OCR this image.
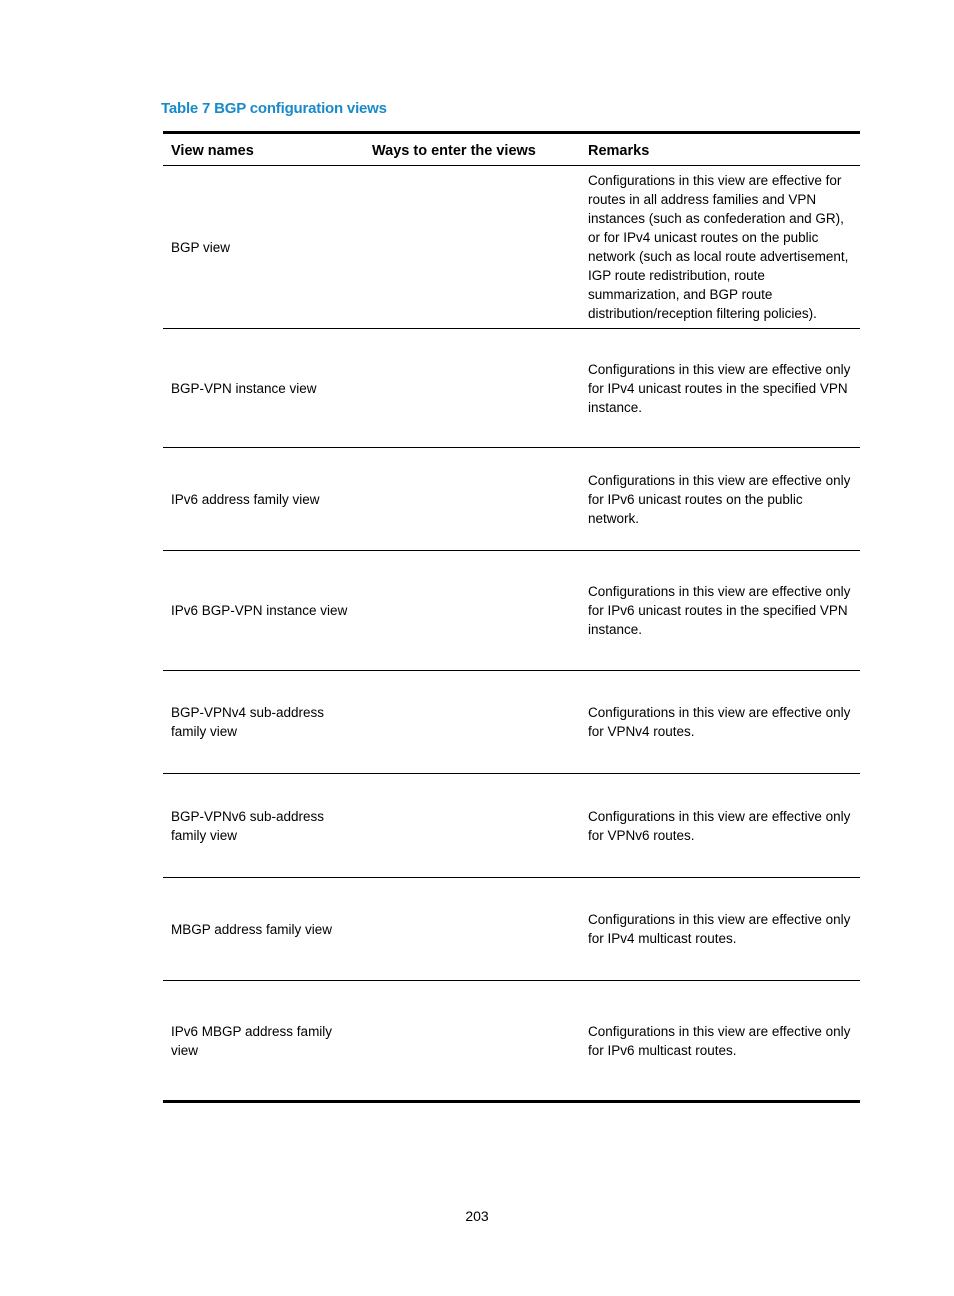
Table 7 BGP configuration views
View names	Ways to enter the views	Remarks
BGP view		Configurations in this view are effective for routes in all address families and VPN instances (such as confederation and GR), or for IPv4 unicast routes on the public network (such as local route advertisement, IGP route redistribution, route summarization, and BGP route distribution/reception filtering policies).
BGP-VPN instance view		Configurations in this view are effective only for IPv4 unicast routes in the specified VPN instance.
IPv6 address family view		Configurations in this view are effective only for IPv6 unicast routes on the public network.
IPv6 BGP-VPN instance view		Configurations in this view are effective only for IPv6 unicast routes in the specified VPN instance.
BGP-VPNv4 sub-address family view		Configurations in this view are effective only for VPNv4 routes.
BGP-VPNv6 sub-address family view		Configurations in this view are effective only for VPNv6 routes.
MBGP address family view		Configurations in this view are effective only for IPv4 multicast routes.
IPv6 MBGP address family view		Configurations in this view are effective only for IPv6 multicast routes.
203
